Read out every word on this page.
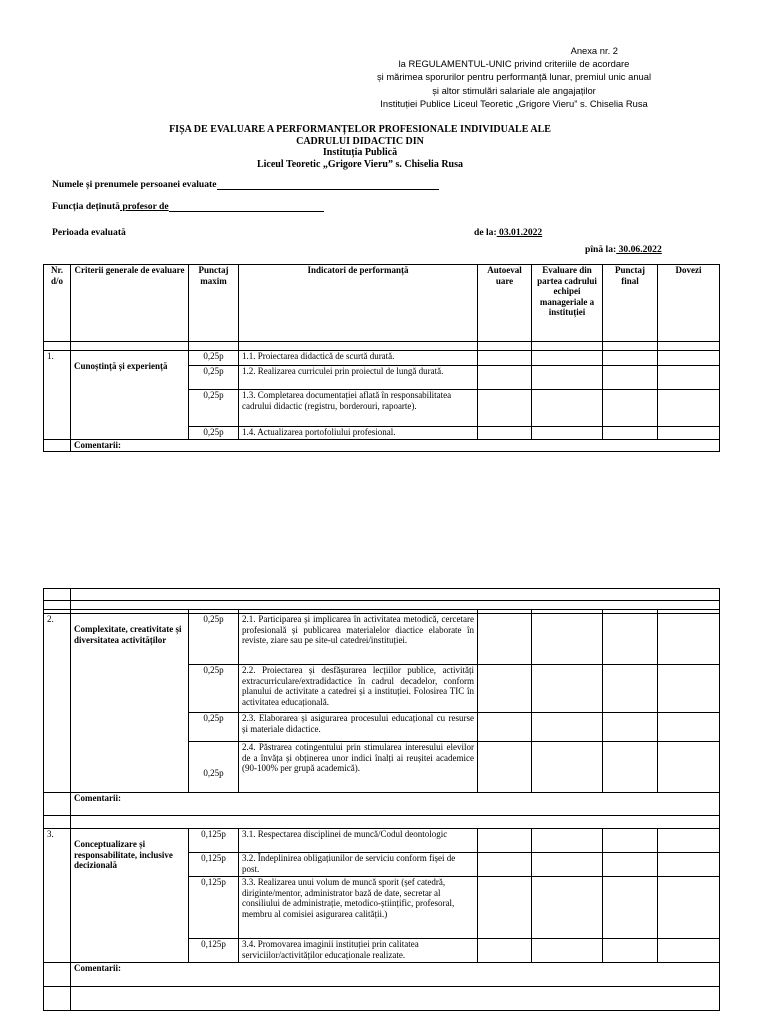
Anexa nr. 2
la REGULAMENTUL-UNIC privind criteriile de acordare
și mărimea sporurilor pentru performanță lunar, premiul unic anual
și altor stimulări salariale ale angajaților
Instituției Publice Liceul Teoretic „Grigore Vieru” s. Chiselia Rusa
FIȘA DE EVALUARE A PERFORMANȚELOR PROFESIONALE INDIVIDUALE ALE
CADRULUI DIDACTIC DIN
Instituția Publică
Liceul Teoretic „Grigore Vieru” s. Chiselia Rusa
Numele și prenumele persoanei evaluate
Funcția deținută profesor de
Perioada evaluată	de la: 03.01.2022
pînă la: 30.06.2022
Nr. d/o	Criterii generale de evaluare	Punctaj maxim	Indicatori de performanță	Autoeval uare	Evaluare din partea cadrului echipei manageriale a instituției	Punctaj final	Dovezi

1.	Cunoștință și experiență	0,25p	1.1. Proiectarea didactică de scurtă durată.				
		0,25p	1.2. Realizarea curriculei prin proiectul de lungă durată.				
		0,25p	1.3. Completarea documentației aflată în responsabilitatea cadrului didactic (registru, borderouri, rapoarte).				
		0,25p	1.4. Actualizarea portofoliului profesional.				
	Comentarii:						

2.	Complexitate, creativitate și diversitatea activităților	0,25p	2.1. Participarea și implicarea în activitatea metodică, cercetare profesională și publicarea materialelor diactice elaborate în reviste, ziare sau pe site-ul catedrei/instituției.				
		0,25p	2.2. Proiectarea și desfășurarea lecțiilor publice, activități extracurriculare/extradidactice în cadrul decadelor, conform planului de activitate a catedrei și a instituției. Folosirea TIC în activitatea educațională.				
		0,25p	2.3. Elaborarea și asigurarea procesului educațional cu resurse și materiale didactice.				
		0,25p	2.4. Păstrarea cotingentului prin stimularea interesului elevilor de a învăța și obținerea unor indici înalți ai reușitei academice (90-100% per grupă academică).				
	Comentarii:						

3.	Conceptualizare și responsabilitate, inclusive decizională	0,125p	3.1. Respectarea disciplinei de muncă/Codul deontologic				
		0,125p	3.2. Îndeplinirea obligațiunilor de serviciu conform fișei de post.				
		0,125p	3.3. Realizarea unui volum de muncă sporit (șef catedră, diriginte/mentor, administrator bază de date, secretar al consiliului de administrație, metodico-științific, profesoral, membru al comisiei asigurarea calității.)				
		0,125p	3.4. Promovarea imaginii instituției prin calitatea serviciilor/activităților educaționale realizate.				
	Comentarii:						
